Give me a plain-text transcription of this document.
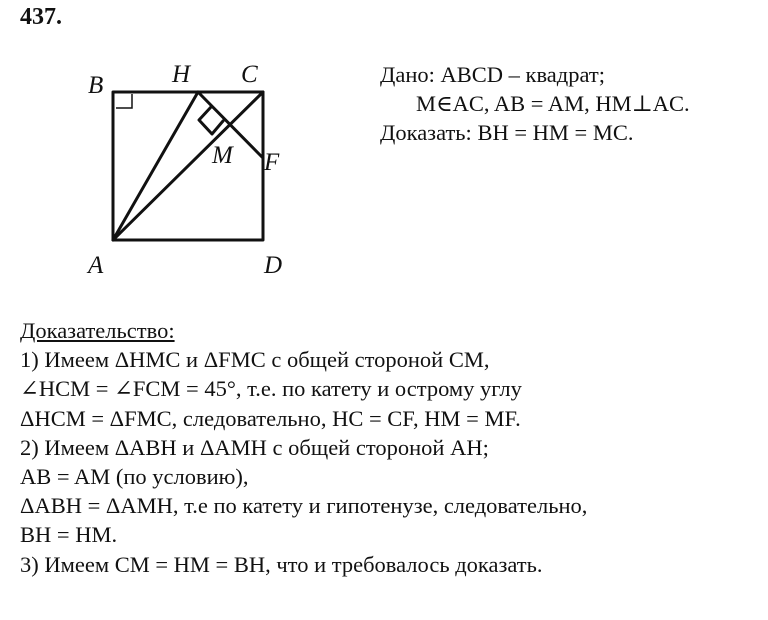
437.
B	H C
M F
A	D
Дано: ABCD – квадрат;
M∈AC, AB = AM, HM⊥AC.
Доказать: BH = HM = MC.
Доказательство:
1) Имеем ΔHMC и ΔFMC с общей стороной CM,
∠HCM = ∠FCM = 45°, т.е. по катету и острому углу
ΔHCM = ΔFMC, следовательно, HC = CF, HM = MF.
2) Имеем ΔABH и ΔAMH с общей стороной AH;
AB = AM (по условию),
ΔABH = ΔAMH, т.е по катету и гипотенузе, следовательно,
BH = HM.
3) Имеем CM = HM = BH, что и требовалось доказать.
